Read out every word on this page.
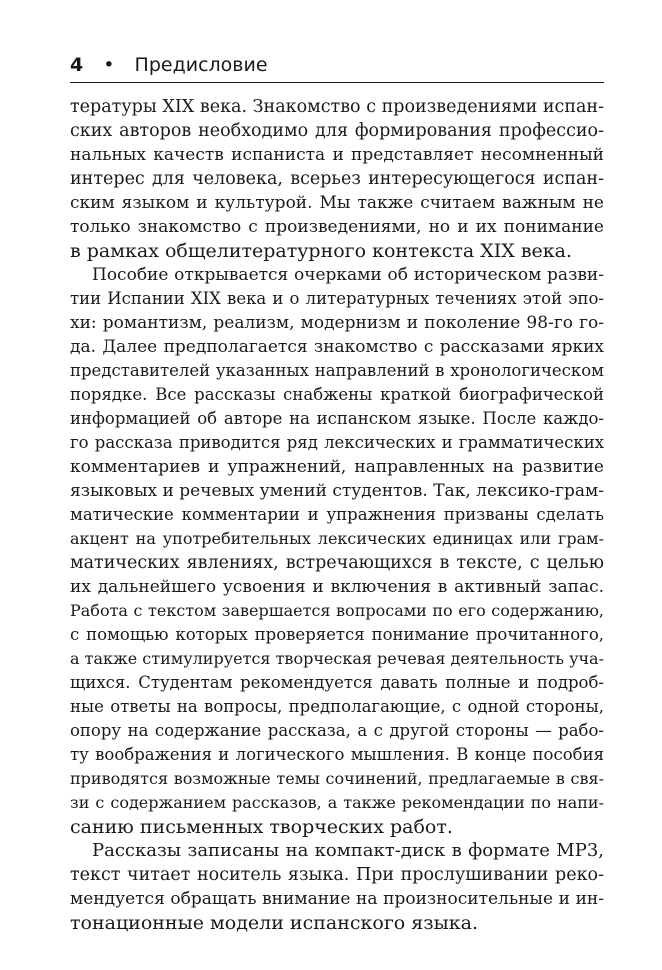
4 • Предисловие
тературы XIX века. Знакомство с произведениями испан-
ских авторов необходимо для формирования профессио-
нальных качеств испаниста и представляет несомненный
интерес для человека, всерьез интересующегося испан-
ским языком и культурой. Мы также считаем важным не
только знакомство с произведениями, но и их понимание
в рамках общелитературного контекста XIX века.
Пособие открывается очерками об историческом разви-
тии Испании XIX века и о литературных течениях этой эпо-
хи: романтизм, реализм, модернизм и поколение 98-го го-
да. Далее предполагается знакомство с рассказами ярких
представителей указанных направлений в хронологическом
порядке. Все рассказы снабжены краткой биографической
информацией об авторе на испанском языке. После каждо-
го рассказа приводится ряд лексических и грамматических
комментариев и упражнений, направленных на развитие
языковых и речевых умений студентов. Так, лексико-грам-
матические комментарии и упражнения призваны сделать
акцент на употребительных лексических единицах или грам-
матических явлениях, встречающихся в тексте, с целью
их дальнейшего усвоения и включения в активный запас.
Работа с текстом завершается вопросами по его содержанию,
с помощью которых проверяется понимание прочитанного,
а также стимулируется творческая речевая деятельность уча-
щихся. Студентам рекомендуется давать полные и подроб-
ные ответы на вопросы, предполагающие, с одной стороны,
опору на содержание рассказа, а с другой стороны — рабо-
ту воображения и логического мышления. В конце пособия
приводятся возможные темы сочинений, предлагаемые в свя-
зи с содержанием рассказов, а также рекомендации по напи-
санию письменных творческих работ.
Рассказы записаны на компакт-диск в формате МР3,
текст читает носитель языка. При прослушивании реко-
мендуется обращать внимание на произносительные и ин-
тонационные модели испанского языка.
